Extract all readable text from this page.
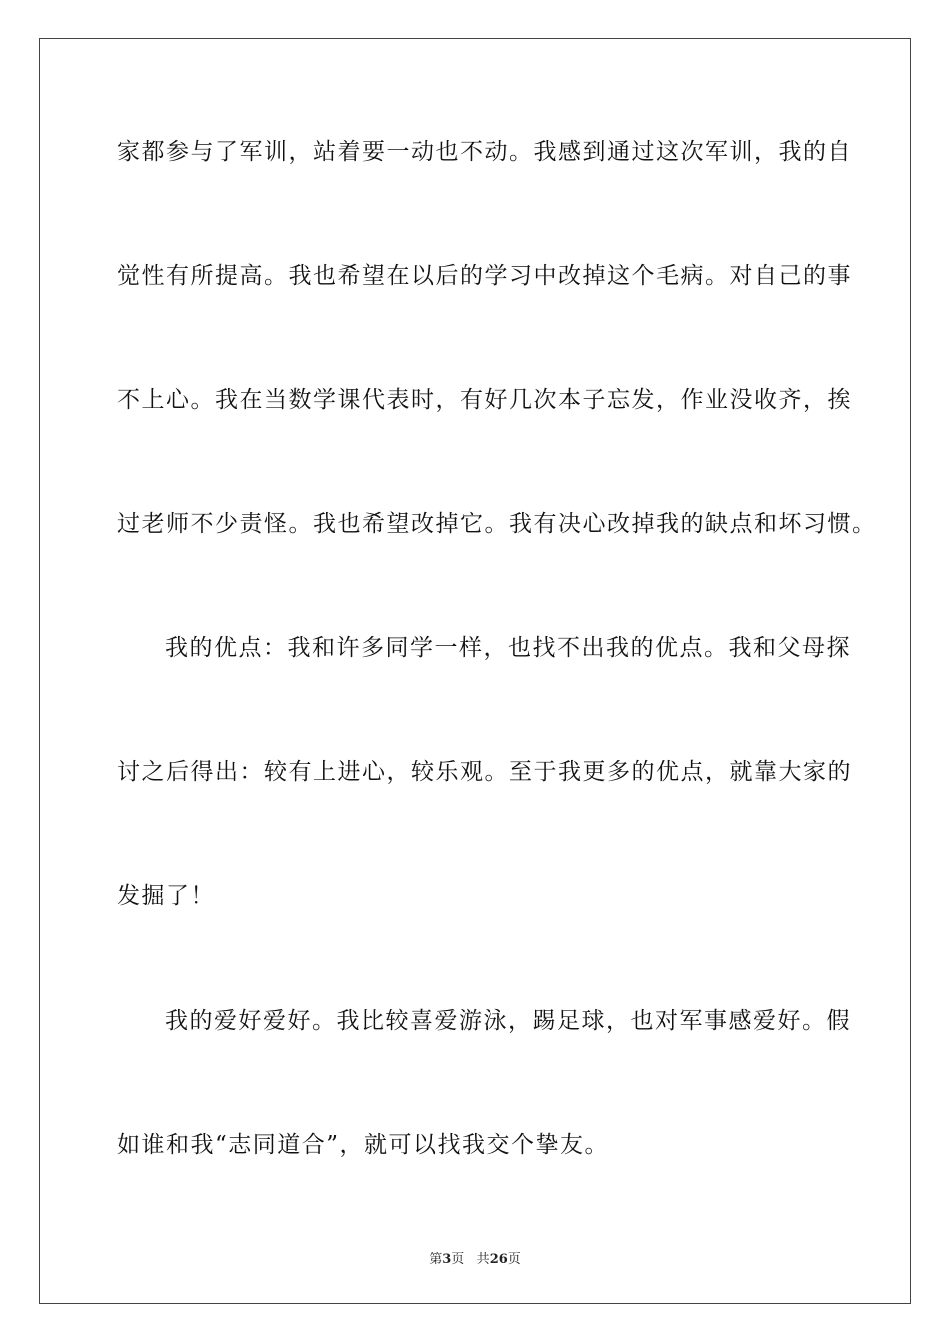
家都参与了军训，站着要一动也不动。我感到通过这次军训，我的自

觉性有所提高。我也希望在以后的学习中改掉这个毛病。对自己的事

不上心。我在当数学课代表时，有好几次本子忘发，作业没收齐，挨

过老师不少责怪。我也希望改掉它。我有决心改掉我的缺点和坏习惯。

我的优点：我和许多同学一样，也找不出我的优点。我和父母探

讨之后得出：较有上进心，较乐观。至于我更多的优点，就靠大家的

发掘了！

我的爱好爱好。我比较喜爱游泳，踢足球，也对军事感爱好。假

如谁和我“志同道合”，就可以找我交个挚友。

第3页 共26页
